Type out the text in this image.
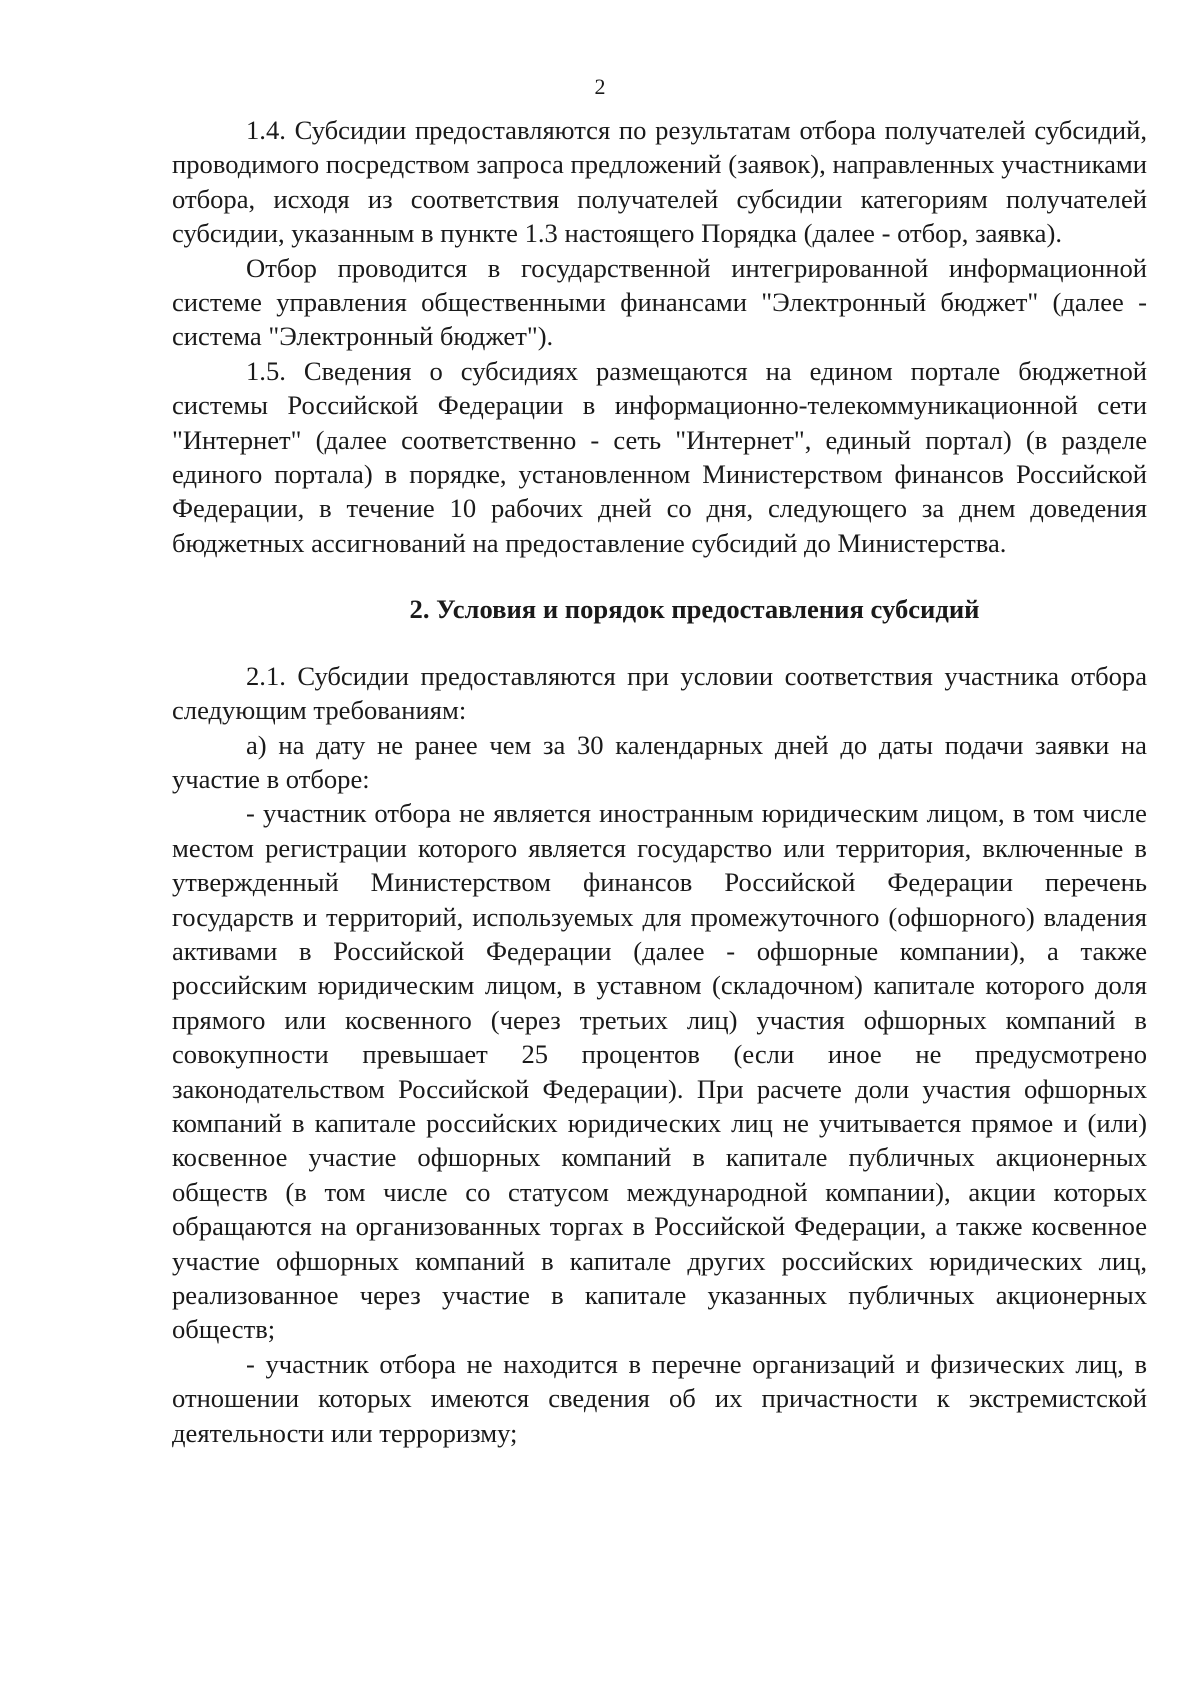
2

1.4. Субсидии предоставляются по результатам отбора получателей субсидий, проводимого посредством запроса предложений (заявок), направленных участниками отбора, исходя из соответствия получателей субсидии категориям получателей субсидии, указанным в пункте 1.3 настоящего Порядка (далее - отбор, заявка).

Отбор проводится в государственной интегрированной информационной системе управления общественными финансами "Электронный бюджет" (далее - система "Электронный бюджет").

1.5. Сведения о субсидиях размещаются на едином портале бюджетной системы Российской Федерации в информационно-телекоммуникационной сети "Интернет" (далее соответственно - сеть "Интернет", единый портал) (в разделе единого портала) в порядке, установленном Министерством финансов Российской Федерации, в течение 10 рабочих дней со дня, следующего за днем доведения бюджетных ассигнований на предоставление субсидий до Министерства.

2. Условия и порядок предоставления субсидий

2.1. Субсидии предоставляются при условии соответствия участника отбора следующим требованиям:

а) на дату не ранее чем за 30 календарных дней до даты подачи заявки на участие в отборе:

- участник отбора не является иностранным юридическим лицом, в том числе местом регистрации которого является государство или территория, включенные в утвержденный Министерством финансов Российской Федерации перечень государств и территорий, используемых для промежуточного (офшорного) владения активами в Российской Федерации (далее - офшорные компании), а также российским юридическим лицом, в уставном (складочном) капитале которого доля прямого или косвенного (через третьих лиц) участия офшорных компаний в совокупности превышает 25 процентов (если иное не предусмотрено законодательством Российской Федерации). При расчете доли участия офшорных компаний в капитале российских юридических лиц не учитывается прямое и (или) косвенное участие офшорных компаний в капитале публичных акционерных обществ (в том числе со статусом международной компании), акции которых обращаются на организованных торгах в Российской Федерации, а также косвенное участие офшорных компаний в капитале других российских юридических лиц, реализованное через участие в капитале указанных публичных акционерных обществ;

- участник отбора не находится в перечне организаций и физических лиц, в отношении которых имеются сведения об их причастности к экстремистской деятельности или терроризму;
